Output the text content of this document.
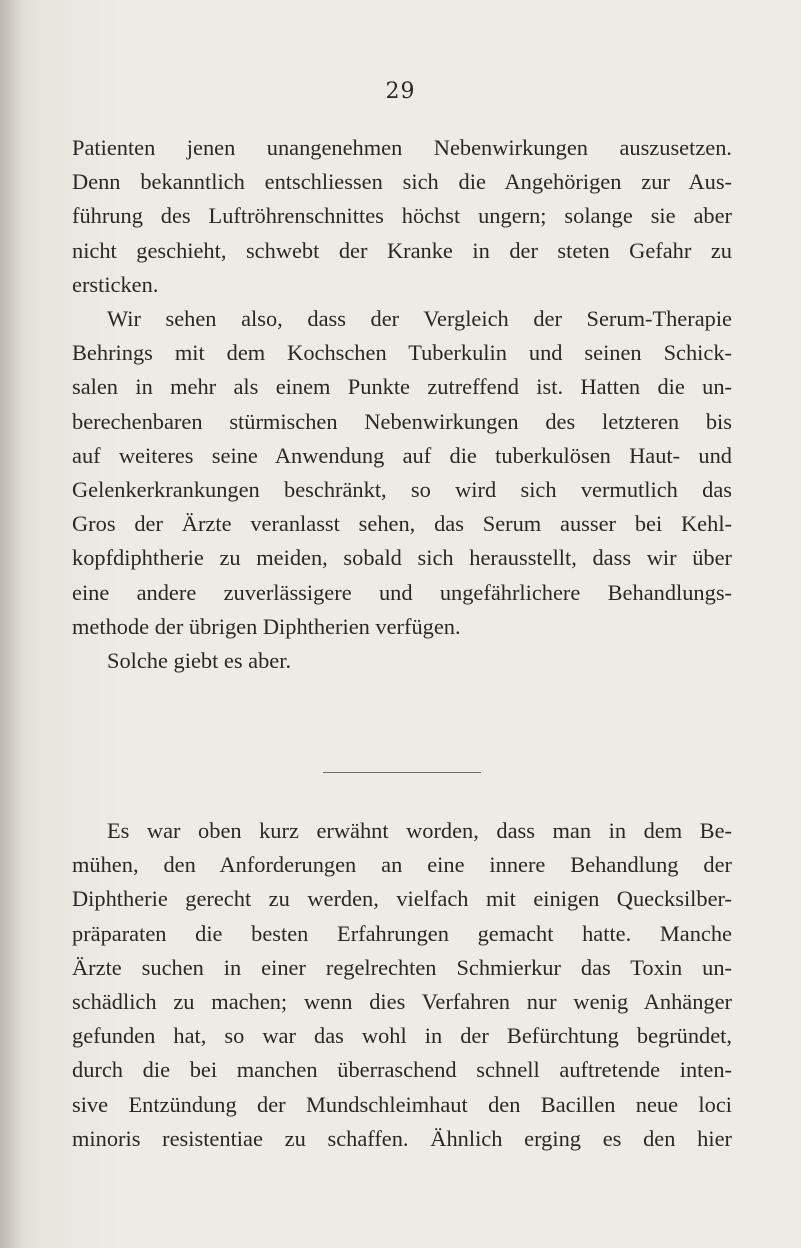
29
Patienten jenen unangenehmen Nebenwirkungen auszusetzen.
Denn bekanntlich entschliessen sich die Angehörigen zur Aus-
führung des Luftröhrenschnittes höchst ungern; solange sie aber
nicht geschieht, schwebt der Kranke in der steten Gefahr zu
ersticken.
Wir sehen also, dass der Vergleich der Serum-Therapie
Behrings mit dem Kochschen Tuberkulin und seinen Schick-
salen in mehr als einem Punkte zutreffend ist. Hatten die un-
berechenbaren stürmischen Nebenwirkungen des letzteren bis
auf weiteres seine Anwendung auf die tuberkulösen Haut- und
Gelenkerkrankungen beschränkt, so wird sich vermutlich das
Gros der Ärzte veranlasst sehen, das Serum ausser bei Kehl-
kopfdiphtherie zu meiden, sobald sich herausstellt, dass wir über
eine andere zuverlässigere und ungefährlichere Behandlungs-
methode der übrigen Diphtherien verfügen.
Solche giebt es aber.
Es war oben kurz erwähnt worden, dass man in dem Be-
mühen, den Anforderungen an eine innere Behandlung der
Diphtherie gerecht zu werden, vielfach mit einigen Quecksilber-
präparaten die besten Erfahrungen gemacht hatte. Manche
Ärzte suchen in einer regelrechten Schmierkur das Toxin un-
schädlich zu machen; wenn dies Verfahren nur wenig Anhänger
gefunden hat, so war das wohl in der Befürchtung begründet,
durch die bei manchen überraschend schnell auftretende inten-
sive Entzündung der Mundschleimhaut den Bacillen neue loci
minoris resistentiae zu schaffen. Ähnlich erging es den hier
